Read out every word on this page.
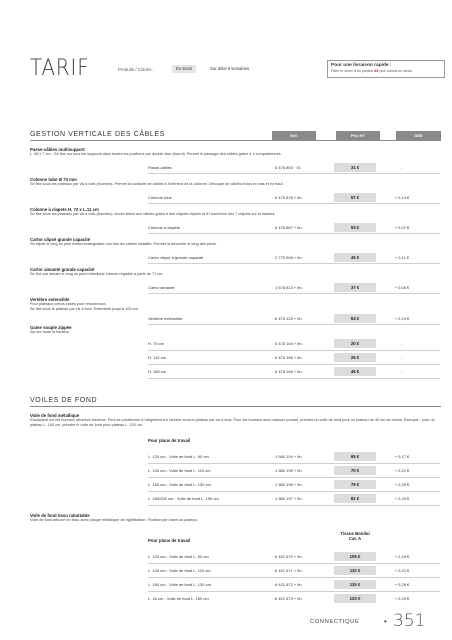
TARIF	Produits / Coloris :	En stock	Sur délai 6 semaines
Pour une livraison rapide :
Faire le choix d'un produit 03 (sur coloris en stock
GESTION VERTICALE DES CÂBLES	Réf.	Prix HT	DEE
Passe-câbles multisupport
L. 68 x 7 cm - Se fixe sur tous les supports dans toutes les positions par double face (fourni). Permet le passage des câbles grâce à 4 compartiments.
Passe-câbles	6 475 803 · 01	31 €	-
Colonne tube Ø 70 mm
Se fixe sous les plateaux par vis à bois (fournies). Permet la conduite de câbles à l'intérieur de la colonne. Découpe de câbles inclus en bas et en haut.
Colonne tube	6 475 878 + fin.	57 €	+ 0,14 €
Colonne à clapets H. 72 x L.11 cm
Se fixe sous les plateaux par vis à bois (fournies). Accès direct aux câbles grâce à des clapets clipsés et à l'ouverture des 7 clapets sur la hauteur.
Colonne à clapets	6 478 867 + fin.	53 €	+ 0,07 €
Cartor clipsé grande capacité
Se clipse le long du pied métal rectangulaire une fois les câbles installés. Permet la descente le long des pieds.
Cartor clipsé à grande capacité	2 775 908 + fin.	45 €	+ 0,11 €
Cartor aimanté grande capacité
Se fixe par aimant le long du pied métallique l'œuvre réglable à partir de 71 cm.
Cartor aimanté	1 678 813 + fin.	37 €	+ 0,05 €
Vertèbre extensible
Pour plateaux précis posés pour retoumeaux.
Se fixe sous le plateau par vis à bois. Extensible jusqu'à 100 cm.
Vertèbre extensible	6 475 125 + fin.	63 €	+ 0,10 €
Gaine souple zippée
Zip sur toute la hauteur.
H. 75 cm	6 478 164 + fin.	20 €	-
H. 110 cm	6 475 165 + fin.	26 €	-
H. 150 cm	6 478 166 + fin.	46 €	-
VOILES DE FOND
Voile de fond métallique
S'adaptent sur les bureaux structure traverse. Peut se positionner à l'alignement à l'arrière sous le plateau par vis à bois. Pour les bureaux avec caisson portant, prendre un voile de fond pour un plateau de 40 cm de moins. Exemple : pour un plateau L. 160 cm, prendre le voile de fond pour plateau L. 120 cm.
Pour plans de travail
L. 120 cm - Voile de fond L. 90 cm	1 580 194 + fin.	65 €	+ 0,17 €
L. 140 cm - Voile de fond L. 110 cm	1 580 195 + fin.	70 €	+ 0,21 €
L. 160 cm - Voile de fond L. 130 cm	1 580 196 + fin.	75 €	+ 0,25 €
L. 180/200 cm - Voile de fond L. 150 cm	1 580 197 + fin.	81 €	+ 0,29 €
Voile de fond tissu rabattable
Voile de fond articulé en tissu avec plaque métallique de rigidification. Fixation par insert au plateau.
Pour plans de travail
Tissus Bondai
Cat. A
L. 120 cm - Voile de fond L. 90 cm	6 421 670 + fin.	105 €	+ 0,18 €
L. 140 cm - Voile de fond L. 110 cm	6 421 671 + fin.	110 €	+ 0,22 €
L. 160 cm - Voile de fond L. 130 cm	6 421 672 + fin.	115 €	+ 0,26 €
L. 18 cm - Voile de fond L. 150 cm	6 421 673 + fin.	120 €	+ 0,29 €
CONNECTIQUE	• 351
